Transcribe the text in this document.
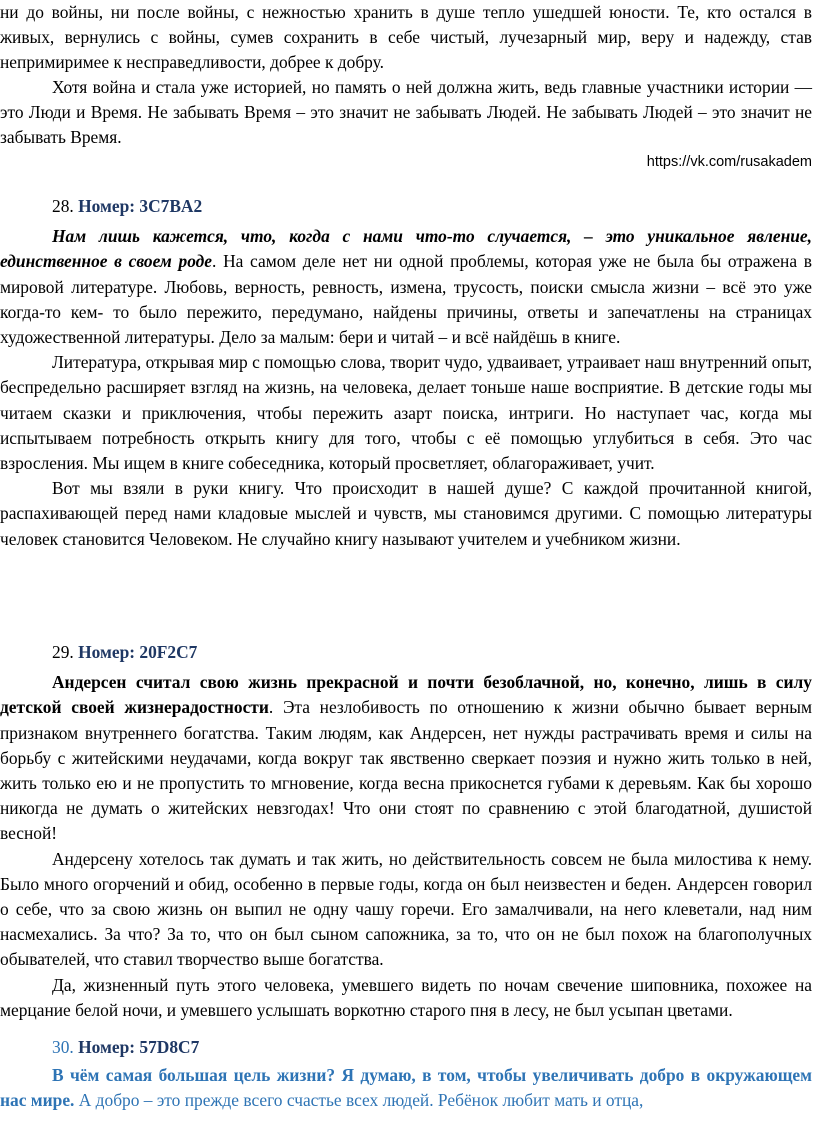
ни до войны, ни после войны, с нежностью хранить в душе тепло ушедшей юности. Те, кто остался в живых, вернулись с войны, сумев сохранить в себе чистый, лучезарный мир, веру и надежду, став непримиримее к несправедливости, добрее к добру.

Хотя война и стала уже историей, но память о ней должна жить, ведь главные участники истории — это Люди и Время. Не забывать Время – это значит не забывать Людей. Не забывать Людей – это значит не забывать Время.

https://vk.com/rusakadem

28. Номер: 3C7BA2

Нам лишь кажется, что, когда с нами что-то случается, – это уникальное явление, единственное в своем роде. На самом деле нет ни одной проблемы, которая уже не была бы отражена в мировой литературе. Любовь, верность, ревность, измена, трусость, поиски смысла жизни – всё это уже когда-то кем- то было пережито, передумано, найдены причины, ответы и запечатлены на страницах художественной литературы. Дело за малым: бери и читай – и всё найдёшь в книге.

Литература, открывая мир с помощью слова, творит чудо, удваивает, утраивает наш внутренний опыт, беспредельно расширяет взгляд на жизнь, на человека, делает тоньше наше восприятие. В детские годы мы читаем сказки и приключения, чтобы пережить азарт поиска, интриги. Но наступает час, когда мы испытываем потребность открыть книгу для того, чтобы с её помощью углубиться в себя. Это час взросления. Мы ищем в книге собеседника, который просветляет, облагораживает, учит.

Вот мы взяли в руки книгу. Что происходит в нашей душе? С каждой прочитанной книгой, распахивающей перед нами кладовые мыслей и чувств, мы становимся другими. С помощью литературы человек становится Человеком. Не случайно книгу называют учителем и учебником жизни.

29. Номер: 20F2C7

Андерсен считал свою жизнь прекрасной и почти безоблачной, но, конечно, лишь в силу детской своей жизнерадостности. Эта незлобивость по отношению к жизни обычно бывает верным признаком внутреннего богатства. Таким людям, как Андерсен, нет нужды растрачивать время и силы на борьбу с житейскими неудачами, когда вокруг так явственно сверкает поэзия и нужно жить только в ней, жить только ею и не пропустить то мгновение, когда весна прикоснется губами к деревьям. Как бы хорошо никогда не думать о житейских невзгодах! Что они стоят по сравнению с этой благодатной, душистой весной!

Андерсену хотелось так думать и так жить, но действительность совсем не была милостива к нему. Было много огорчений и обид, особенно в первые годы, когда он был неизвестен и беден. Андерсен говорил о себе, что за свою жизнь он выпил не одну чашу горечи. Его замалчивали, на него клеветали, над ним насмехались. За что? За то, что он был сыном сапожника, за то, что он не был похож на благополучных обывателей, что ставил творчество выше богатства.

Да, жизненный путь этого человека, умевшего видеть по ночам свечение шиповника, похожее на мерцание белой ночи, и умевшего услышать воркотню старого пня в лесу, не был усыпан цветами.

30. Номер: 57D8C7

В чём самая большая цель жизни? Я думаю, в том, чтобы увеличивать добро в окружающем нас мире. А добро – это прежде всего счастье всех людей. Ребёнок любит мать и отца,
